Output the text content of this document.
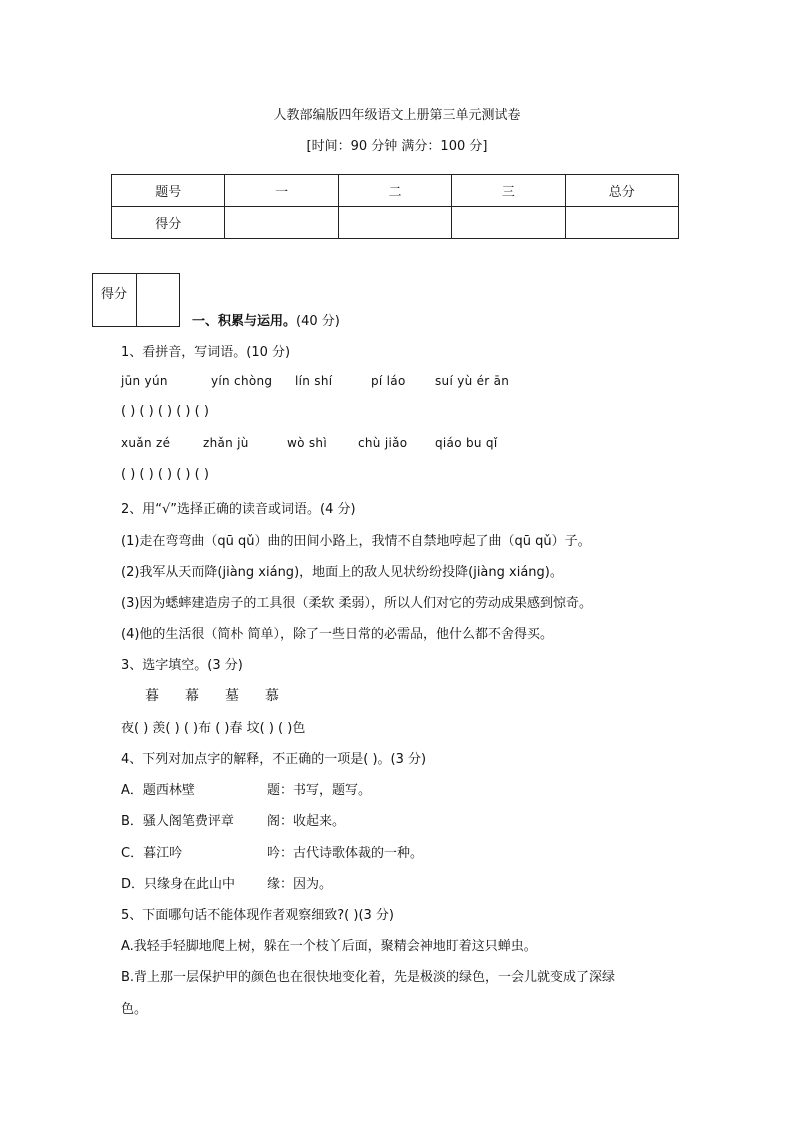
人教部编版四年级语文上册第三单元测试卷
[时间：90 分钟 满分：100 分]
题号	一	二	三	总分
得分				
得分
一、积累与运用。(40 分)
1、看拼音，写词语。(10 分)
jūn yún	yín chòng lín shí	pí láo suí yù ér ān
( ) ( ) ( ) ( ) ( )
xuǎn zé	zhǎn jù	wò shì	chù jiǎo qiáo bu qǐ
( ) ( ) ( ) ( ) ( )
2、用“√”选择正确的读音或词语。(4 分)
(1)走在弯弯曲（qū qǔ）曲的田间小路上，我情不自禁地哼起了曲（qū qǔ）子。
(2)我军从天而降(jiàng xiáng)，地面上的敌人见状纷纷投降(jiàng xiáng)。
(3)因为蟋蟀建造房子的工具很（柔软 柔弱），所以人们对它的劳动成果感到惊奇。
(4)他的生活很（简朴 简单），除了一些日常的必需品，他什么都不舍得买。
3、选字填空。(3 分)
暮 幕 墓 慕
夜( ) 羡( ) ( )布 ( )春 坟( ) ( )色
4、下列对加点字的解释，不正确的一项是( )。(3 分)
A．题西林壁	题：书写，题写。
B．骚人阁笔费评章	阁：收起来。
C．暮江吟	吟：古代诗歌体裁的一种。
D．只缘身在此山中 缘：因为。
5、下面哪句话不能体现作者观察细致?( )(3 分)
A.我轻手轻脚地爬上树，躲在一个枝丫后面，聚精会神地盯着这只蝉虫。
B.背上那一层保护甲的颜色也在很快地变化着，先是极淡的绿色，一会儿就变成了深绿
色。
